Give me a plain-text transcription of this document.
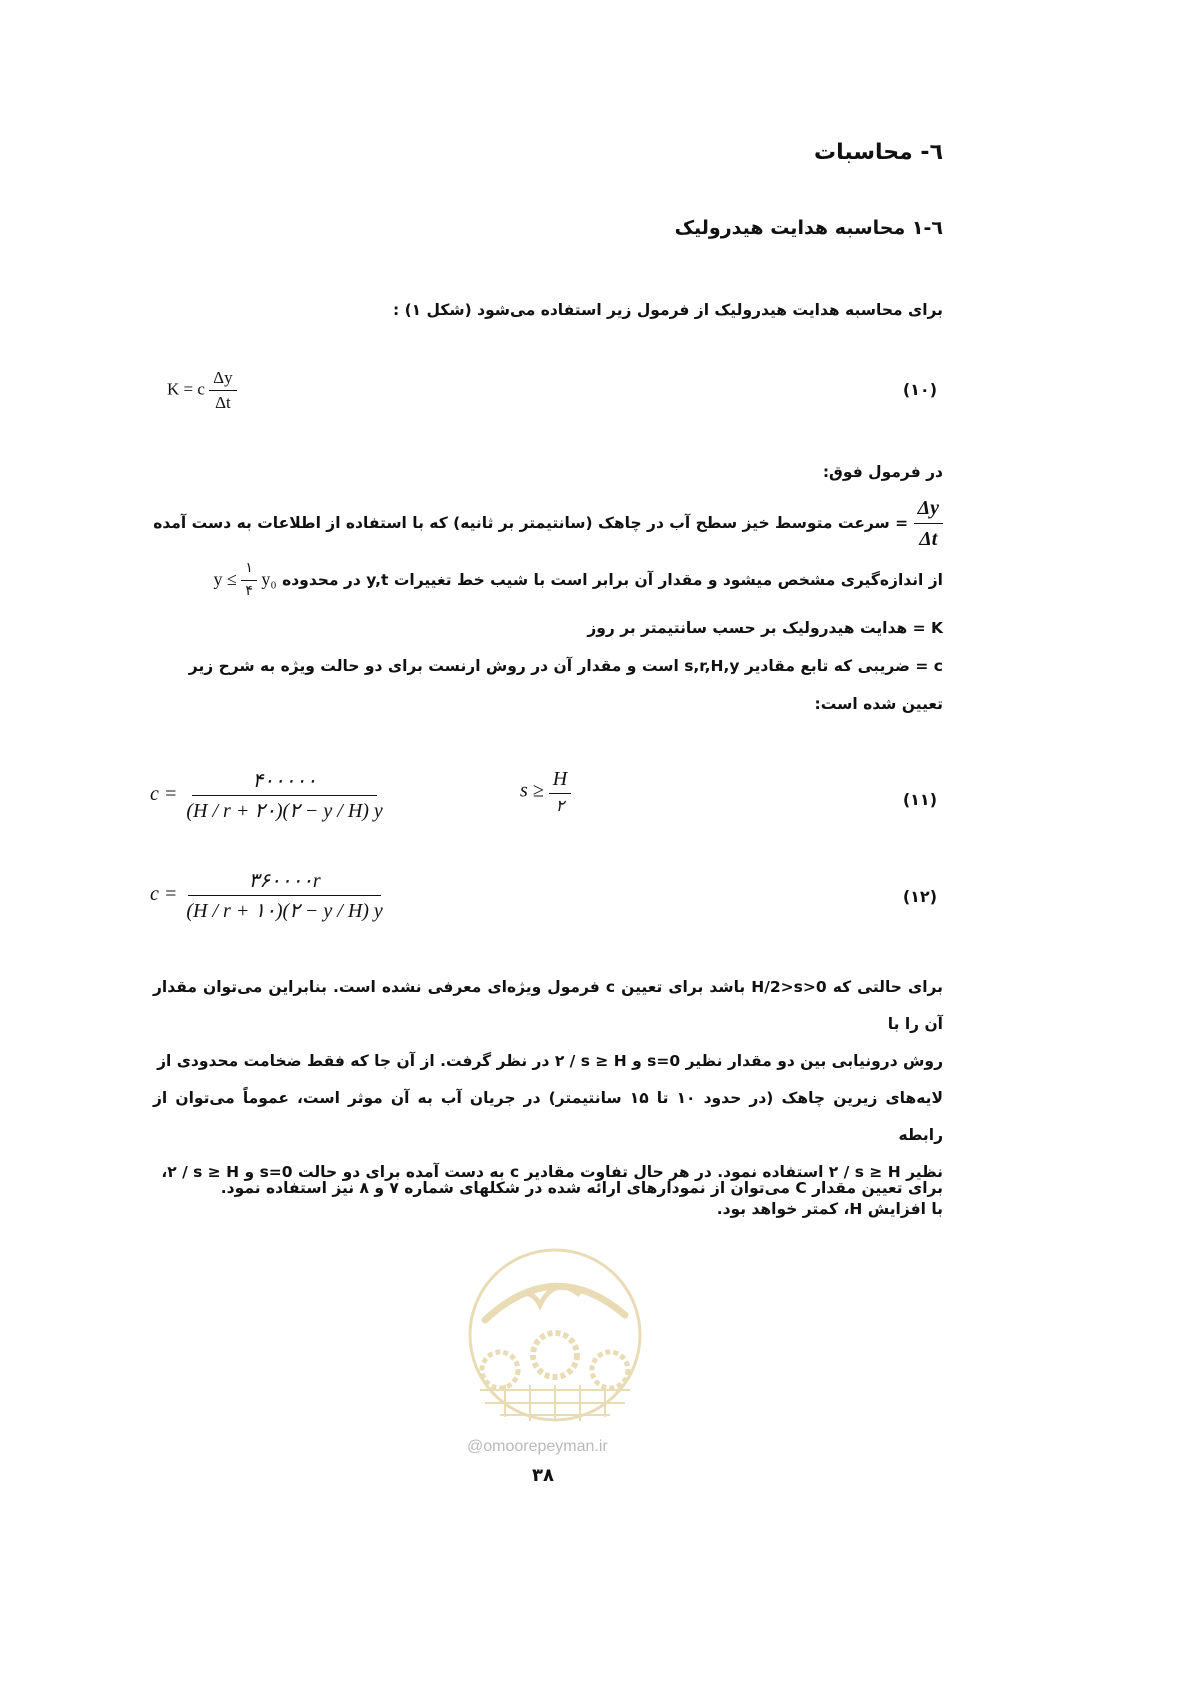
٦- محاسبات
٦-١ محاسبه هدایت هیدرولیک
برای محاسبه هدایت هیدرولیک از فرمول زیر استفاده می‌شود (شکل ١) :
K = c $\frac{\Delta y}{\Delta t}$	(١٠)
در فرمول فوق:
$\frac{\Delta y}{\Delta t}$
= سرعت متوسط خیز سطح آب در چاهک (سانتیمتر بر ثانیه) که با استفاده از اطلاعات به دست آمده
از اندازه‌گیری مشخص میشود و مقدار آن برابر است با شیب خط تغییرات y,t در محدوده $y \le \frac{١}{۴} y_0$
K = هدایت هیدرولیک بر حسب سانتیمتر بر روز
c = ضریبی که تابع مقادیر s,r,H,y است و مقدار آن در روش ارنست برای دو حالت ویژه به شرح زیر
تعیین شده است:
$c = \frac{۴٠٠٠٠٠}{(H / r + ٢٠)(٢ - y / H) y}$	$s \ge \frac{H}{٢}$	(١١)
$c = \frac{٣۶٠٠٠٠r}{(H / r + ١٠)(٢ - y / H) y}$	(١٢)
برای حالتی که H/2>s>0 باشد برای تعیین c فرمول ویژه‌ای معرفی نشده است. بنابراین می‌توان مقدار آن را با
روش درونیابی بین دو مقدار نظیر s=0 و s ≥ H / ٢ در نظر گرفت. از آن جا که فقط ضخامت محدودی از
لایه‌های زیرین چاهک (در حدود ١٠ تا ١۵ سانتیمتر) در جریان آب به آن موثر است، عموماً می‌توان از رابطه
نظیر s ≥ H / ٢ استفاده نمود. در هر حال تفاوت مقادیر c به دست آمده برای دو حالت s=0 و s ≥ H / ٢،
با افزایش H، کمتر خواهد بود.
برای تعیین مقدار C می‌توان از نمودارهای ارائه شده در شکلهای شماره ٧ و ٨ نیز استفاده نمود.
@omoorepeyman.ir
٣٨
